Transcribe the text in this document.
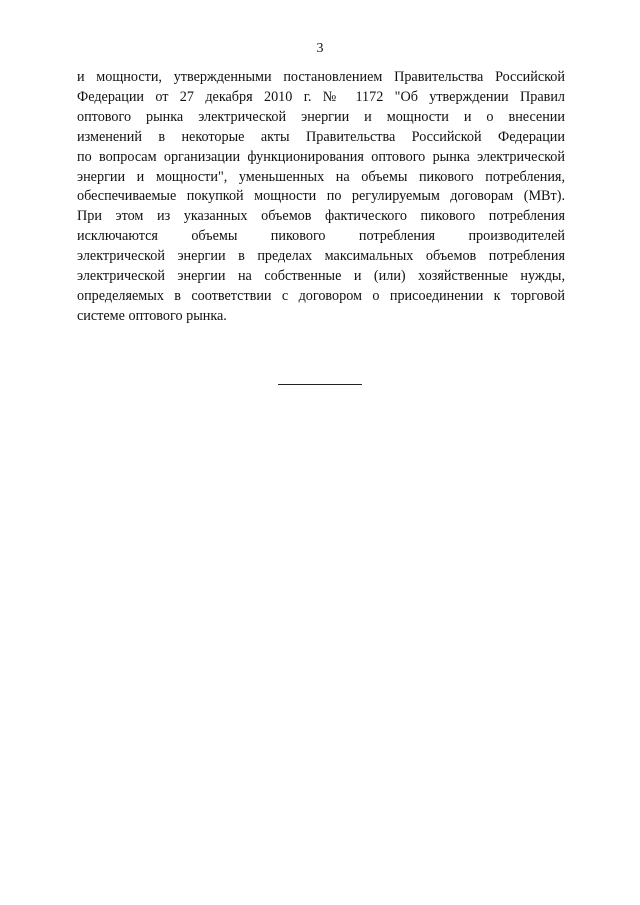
3
и мощности, утвержденными постановлением Правительства Российской
Федерации от 27 декабря 2010 г. № 1172 "Об утверждении Правил
оптового рынка электрической энергии и мощности и о внесении
изменений в некоторые акты Правительства Российской Федерации
по вопросам организации функционирования оптового рынка электрической
энергии и мощности", уменьшенных на объемы пикового потребления,
обеспечиваемые покупкой мощности по регулируемым договорам (МВт).
При этом из указанных объемов фактического пикового потребления
исключаются объемы пикового потребления производителей
электрической энергии в пределах максимальных объемов потребления
электрической энергии на собственные и (или) хозяйственные нужды,
определяемых в соответствии с договором о присоединении к торговой
системе оптового рынка.
